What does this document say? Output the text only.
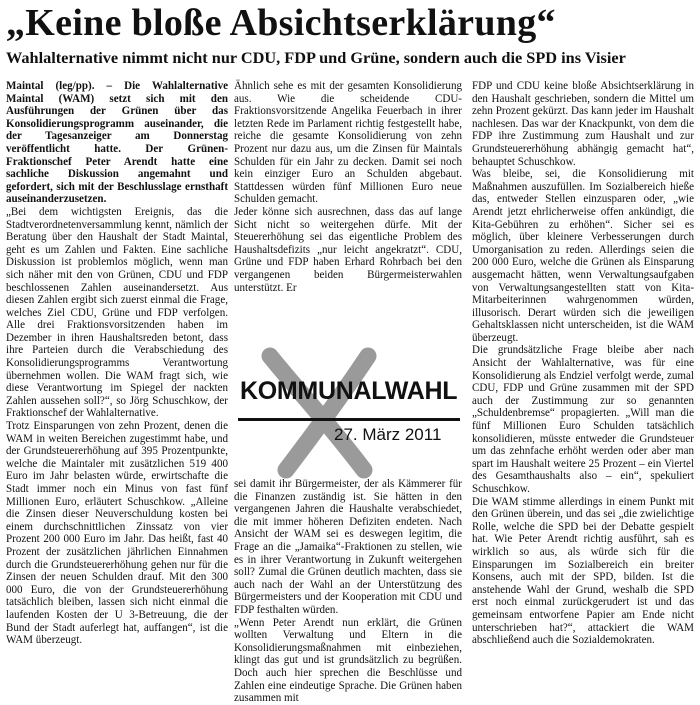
„Keine bloße Absichtserklärung“
Wahlalternative nimmt nicht nur CDU, FDP und Grüne, sondern auch die SPD ins Visier

Maintal (leg/pp). – Die Wahlalternative Maintal (WAM) setzt sich mit den Ausführungen der Grünen über das Konsolidierungsprogramm auseinander, die der Tagesanzeiger am Donnerstag veröffentlicht hatte. Der Grünen-Fraktionschef Peter Arendt hatte eine sachliche Diskussion angemahnt und gefordert, sich mit der Beschlusslage ernsthaft auseinanderzusetzen.

„Bei dem wichtigsten Ereignis, das die Stadtverordnetenversammlung kennt, nämlich der Beratung über den Haushalt der Stadt Maintal, geht es um Zahlen und Fakten. Eine sachliche Diskussion ist problemlos möglich, wenn man sich näher mit den von Grünen, CDU und FDP beschlossenen Zahlen auseinandersetzt. Aus diesen Zahlen ergibt sich zuerst einmal die Frage, welches Ziel CDU, Grüne und FDP verfolgen. Alle drei Fraktionsvorsitzenden haben im Dezember in ihren Haushaltsreden betont, dass ihre Parteien durch die Verabschiedung des Konsolidierungsprogramms Verantwortung übernehmen wollen. Die WAM fragt sich, wie diese Verantwortung im Spiegel der nackten Zahlen aussehen soll?“, so Jörg Schuschkow, der Fraktionschef der Wahlalternative.

Trotz Einsparungen von zehn Prozent, denen die WAM in weiten Bereichen zugestimmt habe, und der Grundsteuererhöhung auf 395 Prozentpunkte, welche die Maintaler mit zusätzlichen 519 400 Euro im Jahr belasten würde, erwirtschafte die Stadt immer noch ein Minus von fast fünf Millionen Euro, erläutert Schuschkow. „Alleine die Zinsen dieser Neuverschuldung kosten bei einem durchschnittlichen Zinssatz von vier Prozent 200 000 Euro im Jahr. Das heißt, fast 40 Prozent der zusätzlichen jährlichen Einnahmen durch die Grundsteuererhöhung gehen nur für die Zinsen der neuen Schulden drauf. Mit den 300 000 Euro, die von der Grundsteuererhöhung tatsächlich bleiben, lassen sich nicht einmal die laufenden Kosten der U 3-Betreuung, die der Bund der Stadt auferlegt hat, auffangen“, ist die WAM überzeugt.

Ähnlich sehe es mit der gesamten Konsolidierung aus. Wie die scheidende CDU-Fraktionsvorsitzende Angelika Feuerbach in ihrer letzten Rede im Parlament richtig festgestellt habe, reiche die gesamte Konsolidierung von zehn Prozent nur dazu aus, um die Zinsen für Maintals Schulden für ein Jahr zu decken. Damit sei noch kein einziger Euro an Schulden abgebaut. Stattdessen würden fünf Millionen Euro neue Schulden gemacht.

Jeder könne sich ausrechnen, dass das auf lange Sicht nicht so weitergehen dürfe. Mit der Steuererhöhung sei das eigentliche Problem des Haushaltsdefizits „nur leicht angekratzt“. CDU, Grüne und FDP haben Erhard Rohrbach bei den vergangenen beiden Bürgermeisterwahlen unterstützt. Er

KOMMUNALWAHL
27. März 2011

sei damit ihr Bürgermeister, der als Kämmerer für die Finanzen zuständig ist. Sie hätten in den vergangenen Jahren die Haushalte verabschiedet, die mit immer höheren Defiziten endeten. Nach Ansicht der WAM sei es deswegen legitim, die Frage an die „Jamaika“-Fraktionen zu stellen, wie es in ihrer Verantwortung in Zukunft weitergehen soll? Zumal die Grünen deutlich machten, dass sie auch nach der Wahl an der Unterstützung des Bürgermeisters und der Kooperation mit CDU und FDP festhalten würden.

„Wenn Peter Arendt nun erklärt, die Grünen wollten Verwaltung und Eltern in die Konsolidierungsmaßnahmen mit einbeziehen, klingt das gut und ist grundsätzlich zu begrüßen. Doch auch hier sprechen die Beschlüsse und Zahlen eine eindeutige Sprache. Die Grünen haben zusammen mit

FDP und CDU keine bloße Absichtserklärung in den Haushalt geschrieben, sondern die Mittel um zehn Prozent gekürzt. Das kann jeder im Haushalt nachlesen. Das war der Knackpunkt, von dem die FDP ihre Zustimmung zum Haushalt und zur Grundsteuererhöhung abhängig gemacht hat“, behauptet Schuschkow.

Was bleibe, sei, die Konsolidierung mit Maßnahmen auszufüllen. Im Sozialbereich hieße das, entweder Stellen einzusparen oder, „wie Arendt jetzt ehrlicherweise offen ankündigt, die Kita-Gebühren zu erhöhen“. Sicher sei es möglich, über kleinere Verbesserungen durch Umorganisation zu reden. Allerdings seien die 200 000 Euro, welche die Grünen als Einsparung ausgemacht hätten, wenn Verwaltungsaufgaben von Verwaltungsangestellten statt von Kita-Mitarbeiterinnen wahrgenommen würden, illusorisch. Derart würden sich die jeweiligen Gehaltsklassen nicht unterscheiden, ist die WAM überzeugt.

Die grundsätzliche Frage bleibe aber nach Ansicht der Wahlalternative, was für eine Konsolidierung als Endziel verfolgt werde, zumal CDU, FDP und Grüne zusammen mit der SPD auch der Zustimmung zur so genannten „Schuldenbremse“ propagierten. „Will man die fünf Millionen Euro Schulden tatsächlich konsolidieren, müsste entweder die Grundsteuer um das zehnfache erhöht werden oder aber man spart im Haushalt weitere 25 Prozent – ein Viertel des Gesamthaushalts also – ein“, spekuliert Schuschkow.

Die WAM stimme allerdings in einem Punkt mit den Grünen überein, und das sei „die zwielichtige Rolle, welche die SPD bei der Debatte gespielt hat. Wie Peter Arendt richtig ausführt, sah es wirklich so aus, als würde sich für die Einsparungen im Sozialbereich ein breiter Konsens, auch mit der SPD, bilden. Ist die anstehende Wahl der Grund, weshalb die SPD erst noch einmal zurückgerudert ist und das gemeinsam entworfene Papier am Ende nicht unterschrieben hat?“, attackiert die WAM abschließend auch die Sozialdemokraten.
